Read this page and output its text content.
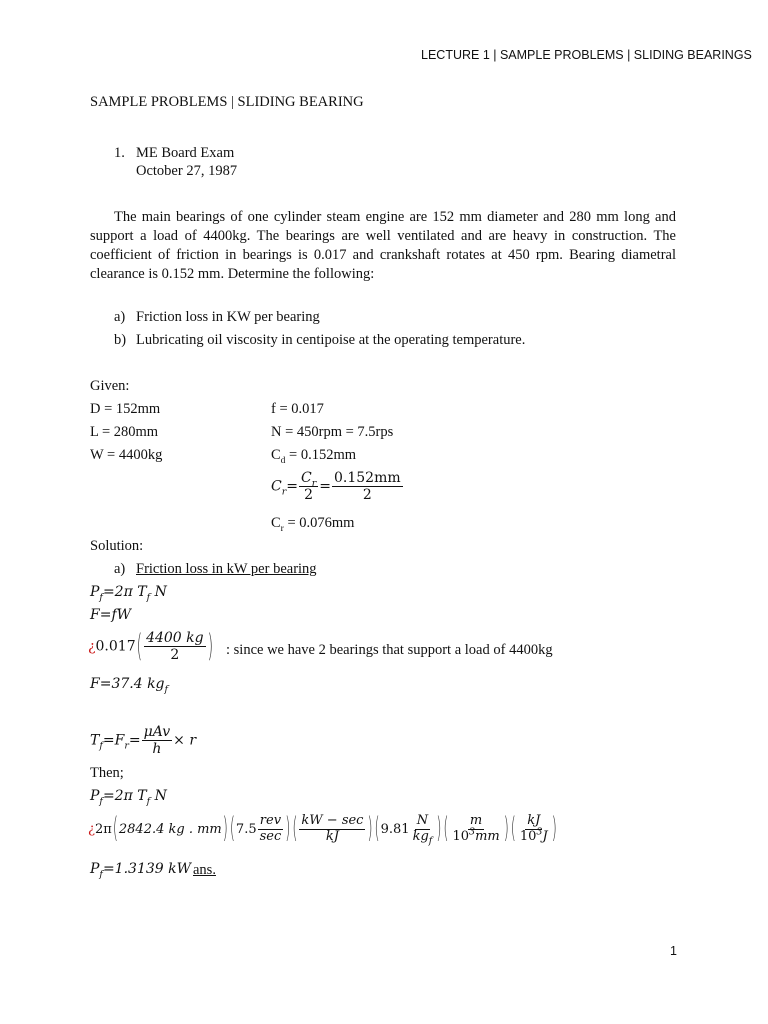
LECTURE 1 | SAMPLE PROBLEMS | SLIDING BEARINGS
SAMPLE PROBLEMS | SLIDING BEARING
1. ME Board Exam
October 27, 1987
The main bearings of one cylinder steam engine are 152 mm diameter and 280 mm long and support a load of 4400kg. The bearings are well ventilated and are heavy in construction. The coefficient of friction in bearings is 0.017 and crankshaft rotates at 450 rpm. Bearing diametral clearance is 0.152 mm. Determine the following:
a) Friction loss in KW per bearing
b) Lubricating oil viscosity in centipoise at the operating temperature.
Given:
D = 152mm
L = 280mm
W = 4400kg
f = 0.017
N = 450rpm = 7.5rps
$C_d = 0.152mm$
$C_r= \frac{C_r}{2} = \frac{0.152mm}{2}$
$C_r = 0.076mm$
Solution:
a) Friction loss in kW per bearing
$P_f=2\pi$ $T_f$ N
F=fW
¿0.017 ( $\frac{4400 kg}{2}$ ) : since we have 2 bearings that support a load of 4400kg
F=37.4 $kg_f$
$T_f=F_r= \frac{\text{μAv}}{h} \times r$
Then;
$P_f=2\pi$ $T_f$ N
¿2π ( 2842.4 kg . mm ) ( $7.5 \frac{\text{rev}}{\sec}$ ) ( $\frac{kW - \sec}{kJ}$ ) ( $9.81 \frac{N}{kg_f}$ ) ( $\frac{m}{10^3mm}$ ) ( $\frac{kJ}{10^3J}$ )
$P_f=1.3139$ kW ans.
1
